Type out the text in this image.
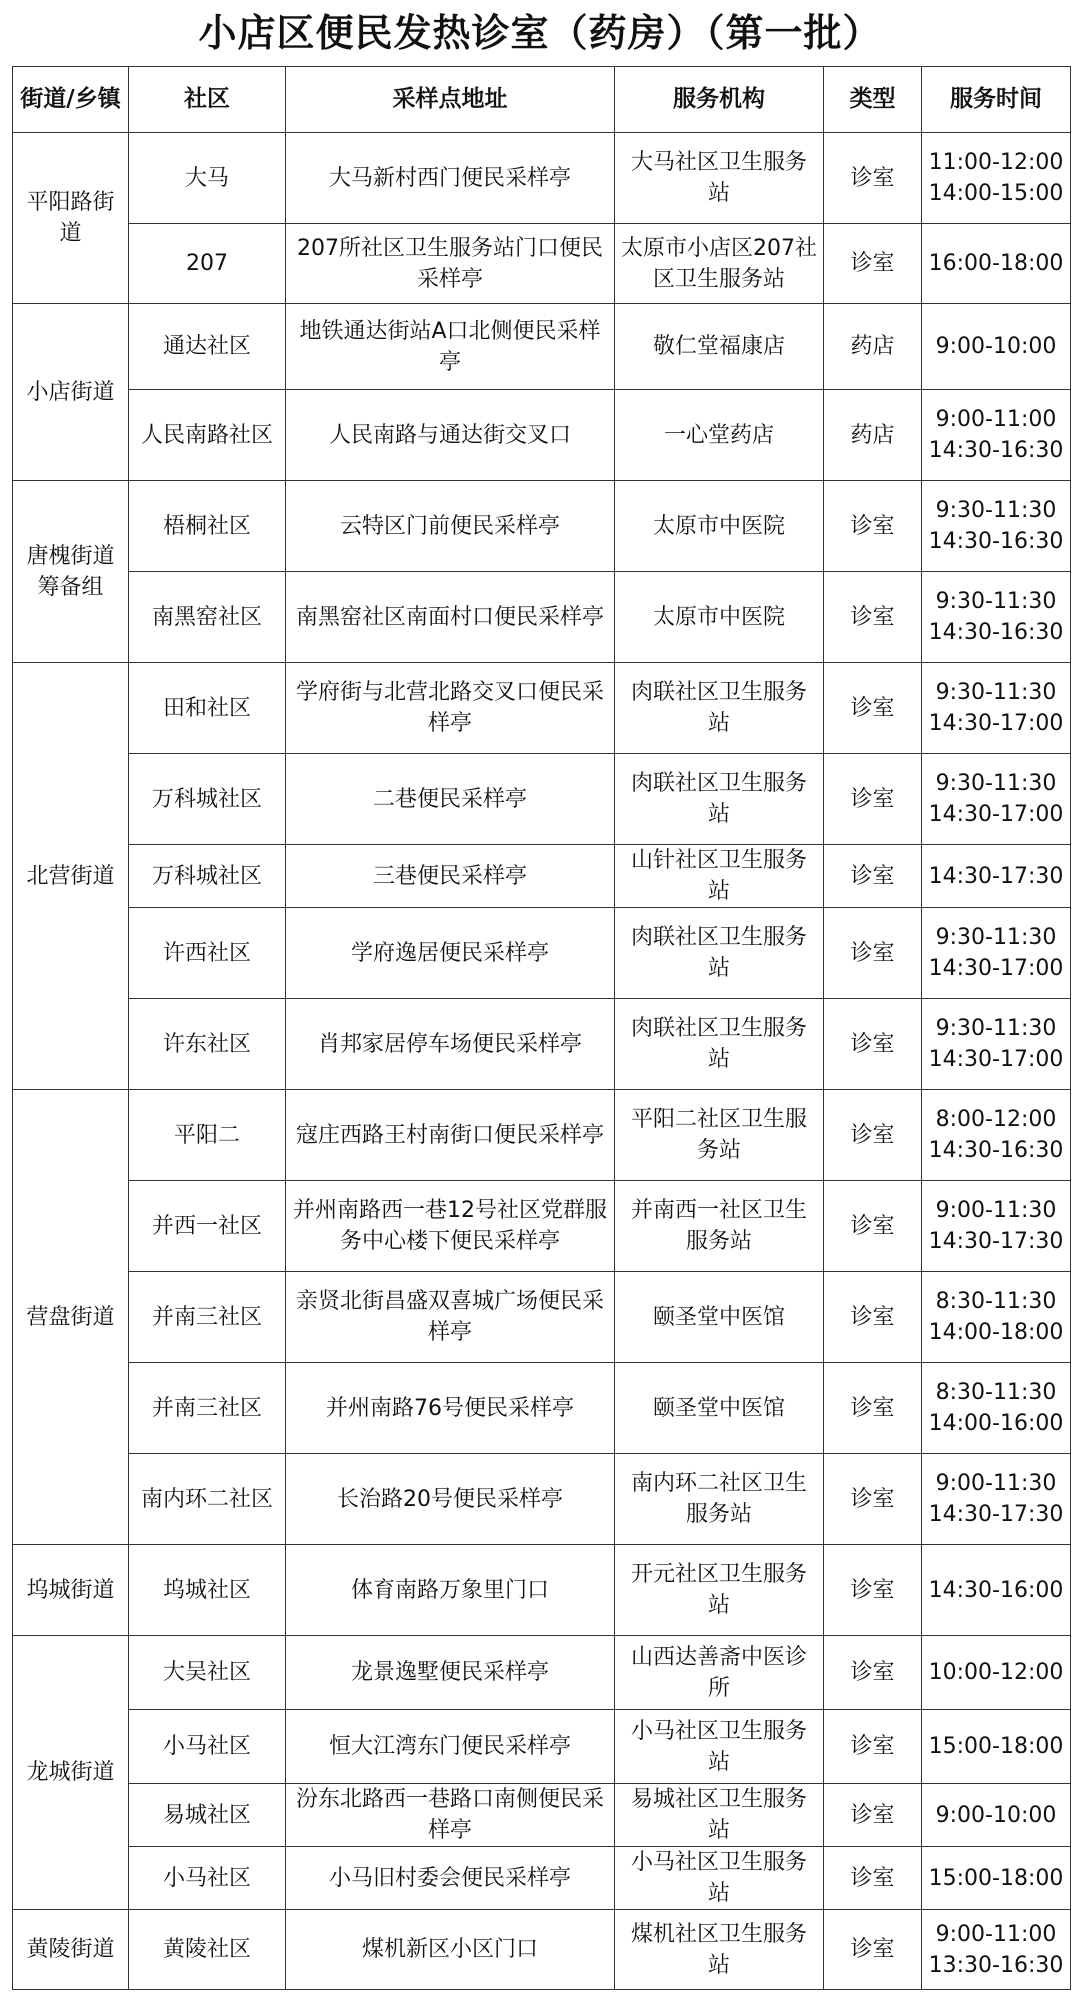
小店区便民发热诊室（药房）（第一批）
街道/乡镇	社区	采样点地址	服务机构	类型	服务时间
平阳路街道	大马	大马新村西门便民采样亭	大马社区卫生服务站	诊室	11:00-12:00
14:00-15:00

	207	207所社区卫生服务站门口便民采样亭	太原市小店区207社区卫生服务站	诊室	16:00-18:00

小店街道	通达社区	地铁通达街站A口北侧便民采样亭	敬仁堂福康店	药店	9:00-10:00

	人民南路社区	人民南路与通达街交叉口	一心堂药店	药店	9:00-11:00
14:30-16:30

唐槐街道筹备组	梧桐社区	云特区门前便民采样亭	太原市中医院	诊室	9:30-11:30
14:30-16:30

	南黑窑社区	南黑窑社区南面村口便民采样亭	太原市中医院	诊室	9:30-11:30
14:30-16:30

北营街道	田和社区	学府街与北营北路交叉口便民采样亭	肉联社区卫生服务站	诊室	9:30-11:30
14:30-17:00

	万科城社区	二巷便民采样亭	肉联社区卫生服务站	诊室	9:30-11:30
14:30-17:00

	万科城社区	三巷便民采样亭	山针社区卫生服务站	诊室	14:30-17:30

	许西社区	学府逸居便民采样亭	肉联社区卫生服务站	诊室	9:30-11:30
14:30-17:00

	许东社区	肖邦家居停车场便民采样亭	肉联社区卫生服务站	诊室	9:30-11:30
14:30-17:00

营盘街道	平阳二	寇庄西路王村南街口便民采样亭	平阳二社区卫生服务站	诊室	8:00-12:00
14:30-16:30

	并西一社区	并州南路西一巷12号社区党群服务中心楼下便民采样亭	并南西一社区卫生服务站	诊室	9:00-11:30
14:30-17:30

	并南三社区	亲贤北街昌盛双喜城广场便民采样亭	颐圣堂中医馆	诊室	8:30-11:30
14:00-18:00

	并南三社区	并州南路76号便民采样亭	颐圣堂中医馆	诊室	8:30-11:30
14:00-16:00

	南内环二社区	长治路20号便民采样亭	南内环二社区卫生服务站	诊室	9:00-11:30
14:30-17:30

坞城街道	坞城社区	体育南路万象里门口	开元社区卫生服务站	诊室	14:30-16:00

龙城街道	大吴社区	龙景逸墅便民采样亭	山西达善斋中医诊所	诊室	10:00-12:00

	小马社区	恒大江湾东门便民采样亭	小马社区卫生服务站	诊室	15:00-18:00

	易城社区	汾东北路西一巷路口南侧便民采样亭	易城社区卫生服务站	诊室	9:00-10:00

	小马社区	小马旧村委会便民采样亭	小马社区卫生服务站	诊室	15:00-18:00

黄陵街道	黄陵社区	煤机新区小区门口	煤机社区卫生服务站	诊室	9:00-11:00
13:30-16:30
